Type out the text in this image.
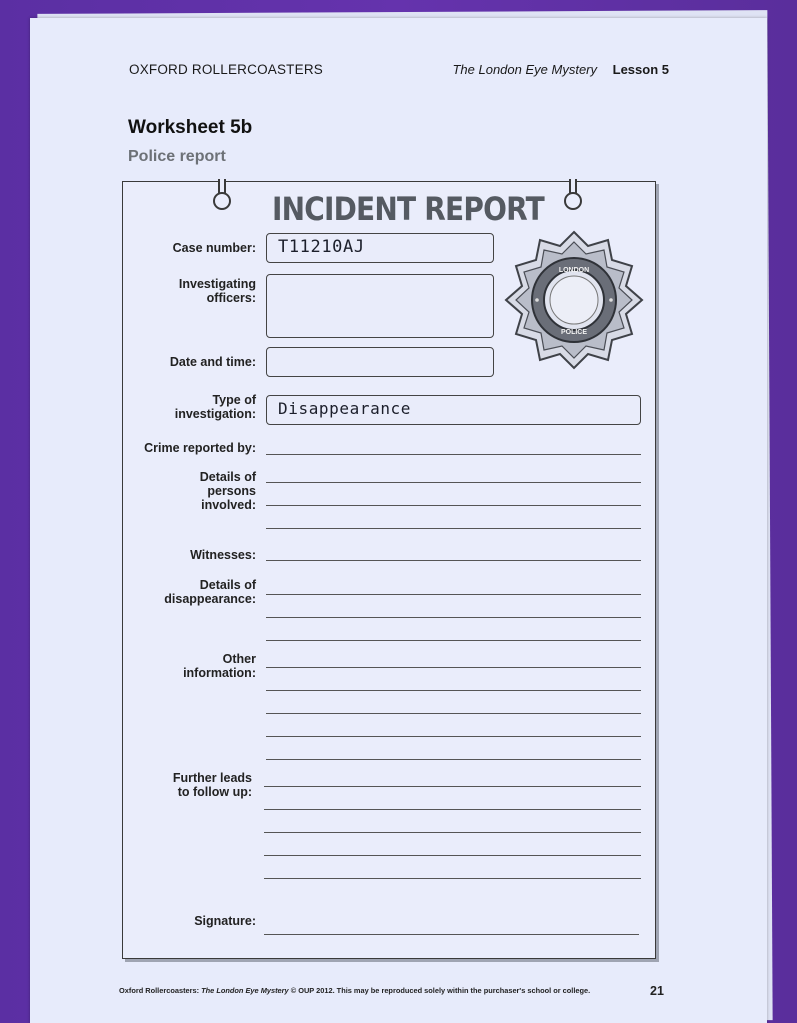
OXFORD ROLLERCOASTERS	The London Eye Mystery Lesson 5
Worksheet 5b
Police report
INCIDENT REPORT
Case number: T11210AJ
Investigating
officers:
Date and time:
LONDON
POLICE
Type of
investigation: Disappearance
Crime reported by:
Details of
persons
involved:
Witnesses:
Details of
disappearance:
Other
information:
Further leads
to follow up:
Signature:
Oxford Rollercoasters: The London Eye Mystery © OUP 2012. This may be reproduced solely within the purchaser's school or college.	21
